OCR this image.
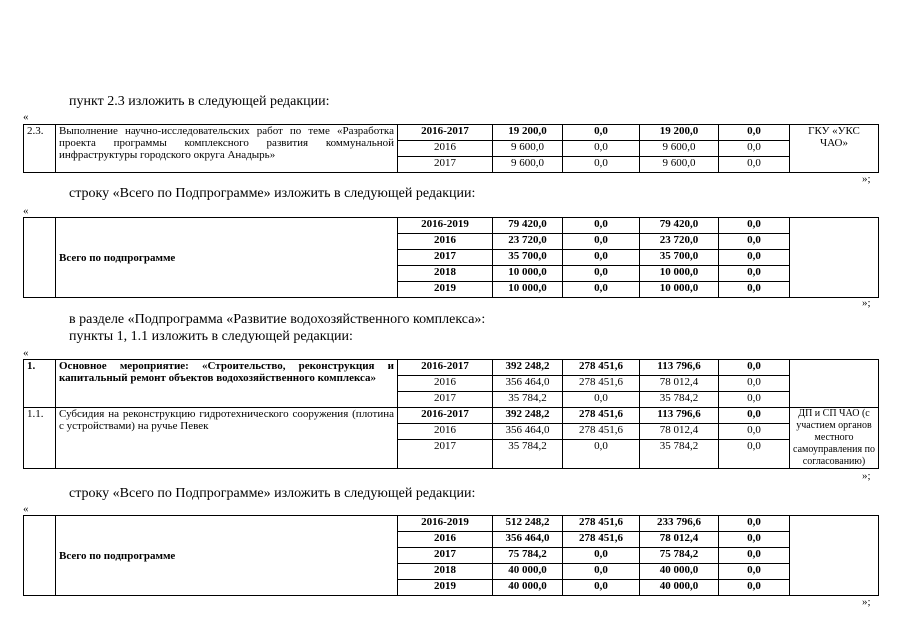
пункт 2.3 изложить в следующей редакции:
«
2.3.	Выполнение научно-исследовательских работ по теме «Разработка проекта программы комплексного развития коммунальной инфраструктуры городского округа Анадырь»	2016-2017	19 200,0	0,0	19 200,0	0,0	ГКУ «УКС ЧАО»
		2016	9 600,0	0,0	9 600,0	0,0	
		2017	9 600,0	0,0	9 600,0	0,0	
»;
строку «Всего по Подпрограмме» изложить в следующей редакции:
«
	Всего по подпрограмме	2016-2019	79 420,0	0,0	79 420,0	0,0	
		2016	23 720,0	0,0	23 720,0	0,0	
		2017	35 700,0	0,0	35 700,0	0,0	
		2018	10 000,0	0,0	10 000,0	0,0	
		2019	10 000,0	0,0	10 000,0	0,0	
»;
в разделе «Подпрограмма «Развитие водохозяйственного комплекса»:
пункты 1, 1.1 изложить в следующей редакции:
«
1.	Основное мероприятие: «Строительство, реконструкция и капитальный ремонт объектов водохозяйственного комплекса»	2016-2017	392 248,2	278 451,6	113 796,6	0,0	
		2016	356 464,0	278 451,6	78 012,4	0,0	
		2017	35 784,2	0,0	35 784,2	0,0	
1.1.	Субсидия на реконструкцию гидротехнического сооружения (плотина с устройствами) на ручье Певек	2016-2017	392 248,2	278 451,6	113 796,6	0,0	ДП и СП ЧАО (с участием органов местного самоуправления по согласованию)
		2016	356 464,0	278 451,6	78 012,4	0,0	
		2017	35 784,2	0,0	35 784,2	0,0	
»;
строку «Всего по Подпрограмме» изложить в следующей редакции:
«
	Всего по подпрограмме	2016-2019	512 248,2	278 451,6	233 796,6	0,0	
		2016	356 464,0	278 451,6	78 012,4	0,0	
		2017	75 784,2	0,0	75 784,2	0,0	
		2018	40 000,0	0,0	40 000,0	0,0	
		2019	40 000,0	0,0	40 000,0	0,0	
»;
